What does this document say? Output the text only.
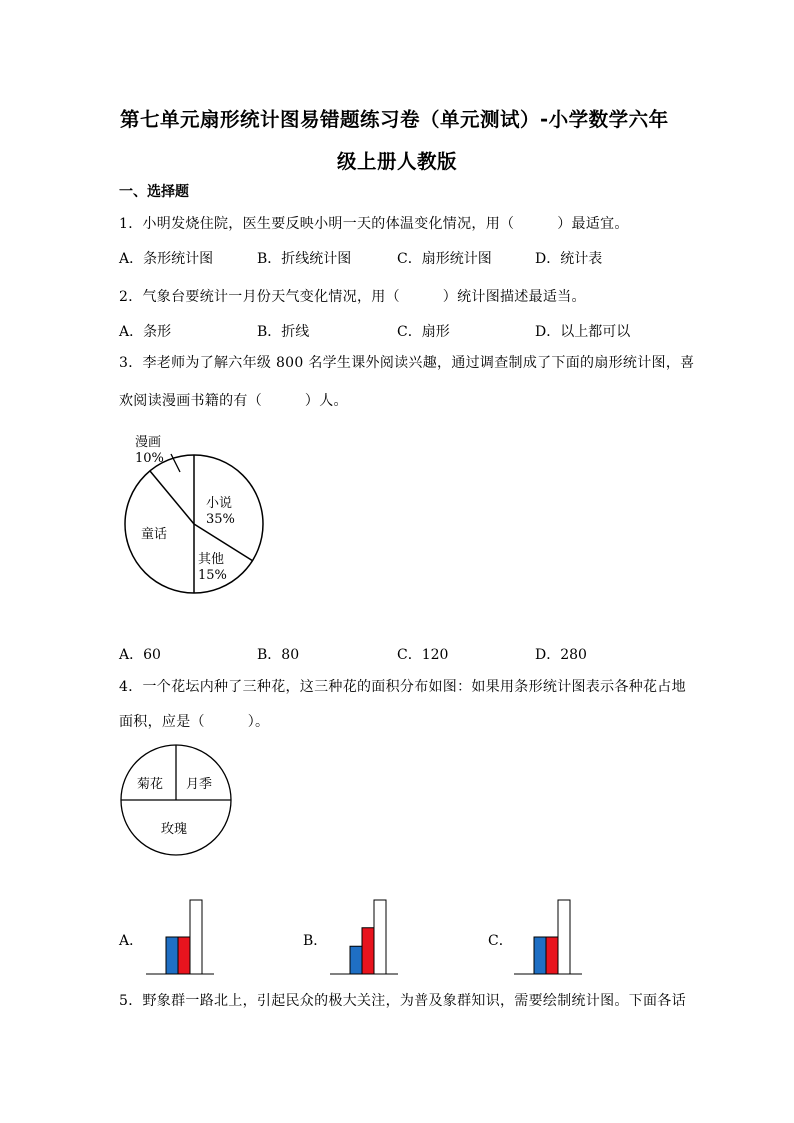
第七单元扇形统计图易错题练习卷（单元测试）-小学数学六年
级上册人教版
一、选择题
1．小明发烧住院，医生要反映小明一天的体温变化情况，用（　　　）最适宜。
A．条形统计图	B．折线统计图	C．扇形统计图	D．统计表
2．气象台要统计一月份天气变化情况，用（　　　）统计图描述最适当。
A．条形	B．折线	C．扇形	D．以上都可以
3．李老师为了解六年级 800 名学生课外阅读兴趣，通过调查制成了下面的扇形统计图，喜
欢阅读漫画书籍的有（　　　）人。
漫画
10%
小说
35%
童话
其他
15%
A．60	B．80	C．120	D．280
4．一个花坛内种了三种花，这三种花的面积分布如图：如果用条形统计图表示各种花占地
面积，应是（　　　）。
菊花 月季
玫瑰
A．	B．	C．
5．野象群一路北上，引起民众的极大关注，为普及象群知识，需要绘制统计图。下面各话
